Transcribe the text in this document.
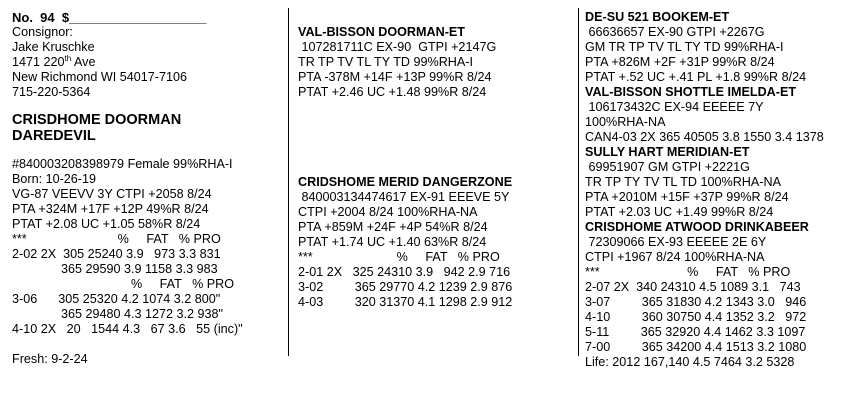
No.  94  $___________________
Consignor:
Jake Kruschke
1471 220th Ave
New Richmond WI 54017-7106
715-220-5364
CRISDHOME DOORMAN
DAREDEVIL
#840003208398979 Female 99%RHA-I
Born: 10-26-19
VG-87 VEEVV 3Y CTPI +2058 8/24
PTA +324M +17F +12P 49%R 8/24
PTAT +2.08 UC +1.05 58%R 8/24
***                          %     FAT   % PRO
2-02 2X  305 25240 3.9   973 3.3 831
365 29590 3.9 1158 3.3 983
%     FAT   % PRO
3-06      305 25320 4.2 1074 3.2 800"
365 29480 4.3 1272 3.2 938"
4-10 2X   20   1544 4.3   67 3.6   55 (inc)"
Fresh: 9-2-24
VAL-BISSON DOORMAN-ET
107281711C EX-90  GTPI +2147G
TR TP TV TL TY TD 99%RHA-I
PTA -378M +14F +13P 99%R 8/24
PTAT +2.46 UC +1.48 99%R 8/24
CRIDSHOME MERID DANGERZONE
840003134474617 EX-91 EEEVE 5Y
CTPI +2004 8/24 100%RHA-NA
PTA +859M +24F +4P 54%R 8/24
PTAT +1.74 UC +1.40 63%R 8/24
***                        %     FAT   % PRO
2-01 2X   325 24310 3.9   942 2.9 716
3-02         365 29770 4.2 1239 2.9 876
4-03         320 31370 4.1 1298 2.9 912
DE-SU 521 BOOKEM-ET
66636657 EX-90 GTPI +2267G
GM TR TP TV TL TY TD 99%RHA-I
PTA +826M +2F +31P 99%R 8/24
PTAT +.52 UC +.41 PL +1.8 99%R 8/24
VAL-BISSON SHOTTLE IMELDA-ET
106173432C EX-94 EEEEE 7Y
100%RHA-NA
CAN4-03 2X 365 40505 3.8 1550 3.4 1378
SULLY HART MERIDIAN-ET
69951907 GM GTPI +2221G
TR TP TY TV TL TD 100%RHA-NA
PTA +2010M +15F +37P 99%R 8/24
PTAT +2.03 UC +1.49 99%R 8/24
CRISDHOME ATWOOD DRINKABEER
72309066 EX-93 EEEEE 2E 6Y
CTPI +1967 8/24 100%RHA-NA
***                         %     FAT   % PRO
2-07 2X  340 24310 4.5 1089 3.1   743
3-07         365 31830 4.2 1343 3.0   946
4-10         360 30750 4.4 1352 3.2   972
5-11         365 32920 4.4 1462 3.3 1097
7-00         365 34200 4.4 1513 3.2 1080
Life: 2012 167,140 4.5 7464 3.2 5328
